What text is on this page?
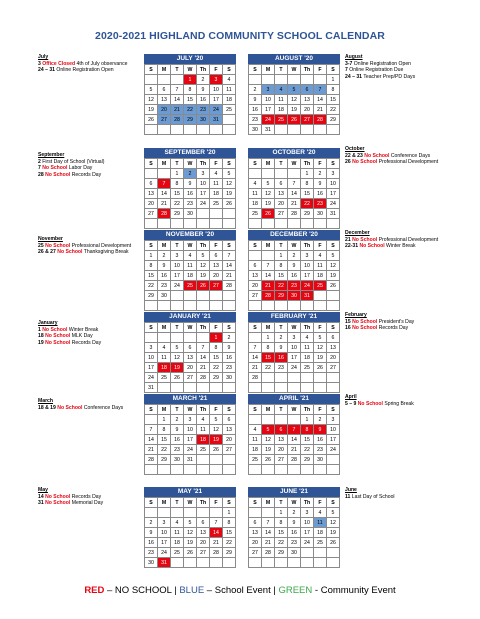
2020-2021 HIGHLAND COMMUNITY SCHOOL CALENDAR
JULY '20
S	M	T	W	Th	F	S
			1	2	3	4
5	6	7	8	9	10	11
12	13	14	15	16	17	18
19	20	21	22	23	24	25
26	27	28	29	30	31	

AUGUST '20
S	M	T	W	Th	F	S
						1
2	3	4	5	6	7	8
9	10	11	12	13	14	15
16	17	18	19	20	21	22
23	24	25	26	27	28	29
30	31					
SEPTEMBER '20
S	M	T	W	Th	F	S
		1	2	3	4	5
6	7	8	9	10	11	12
13	14	15	16	17	18	19
20	21	22	23	24	25	26
27	28	29	30			

OCTOBER '20
S	M	T	W	Th	F	S
				1	2	3
4	5	6	7	8	9	10
11	12	13	14	15	16	17
18	19	20	21	22	23	24
25	26	27	28	29	30	31

NOVEMBER '20
S	M	T	W	Th	F	S
1	2	3	4	5	6	7
8	9	10	11	12	13	14
15	16	17	18	19	20	21
22	23	24	25	26	27	28
29	30					

DECEMBER '20
S	M	T	W	Th	F	S
		1	2	3	4	5
6	7	8	9	10	11	12
13	14	15	16	17	18	19
20	21	22	23	24	25	26
27	28	29	30	31		

JANUARY '21
S	M	T	W	Th	F	S
					1	2
3	4	5	6	7	8	9
10	11	12	13	14	15	16
17	18	19	20	21	22	23
24	25	26	27	28	29	30
31						
FEBRUARY '21
S	M	T	W	Th	F	S
	1	2	3	4	5	6
7	8	9	10	11	12	13
14	15	16	17	18	19	20
21	22	23	24	25	26	27
28						

MARCH '21
S	M	T	W	Th	F	S
	1	2	3	4	5	6
7	8	9	10	11	12	13
14	15	16	17	18	19	20
21	22	23	24	25	26	27
28	29	30	31			

APRIL '21
S	M	T	W	Th	F	S
				1	2	3
4	5	6	7	8	9	10
11	12	13	14	15	16	17
18	19	20	21	22	23	24
25	26	27	28	29	30	

MAY '21
S	M	T	W	Th	F	S
						1
2	3	4	5	6	7	8
9	10	11	12	13	14	15
16	17	18	19	20	21	22
23	24	25	26	27	28	29
30	31					
JUNE '21
S	M	T	W	Th	F	S
		1	2	3	4	5
6	7	8	9	10	11	12
13	14	15	16	17	18	19
20	21	22	23	24	25	26
27	28	29	30			

July
3 Office Closed 4th of July observance
24 – 31 Online Registration Open
August
3-7 Online Registration Open
7 Online Registration Due
24 – 31 Teacher Prep/PD Days
September
2 First Day of School (Virtual)
7 No School Labor Day
28 No School Records Day
October
22 & 23 No School Conference Days
26 No School Professional Development
November
25 No School Professional Development
26 & 27 No School Thanksgiving Break
December
21 No School Professional Development
22-31 No School Winter Break
January
1 No School Winter Break
18 No School MLK Day
19 No School Records Day
February
15 No School President's Day
16 No School Records Day
March
18 & 19 No School Conference Days
April
5 – 9 No School Spring Break
May
14 No School Records Day
31 No School Memorial Day
June
11 Last Day of School
RED – NO SCHOOL | BLUE – School Event | GREEN - Community Event
